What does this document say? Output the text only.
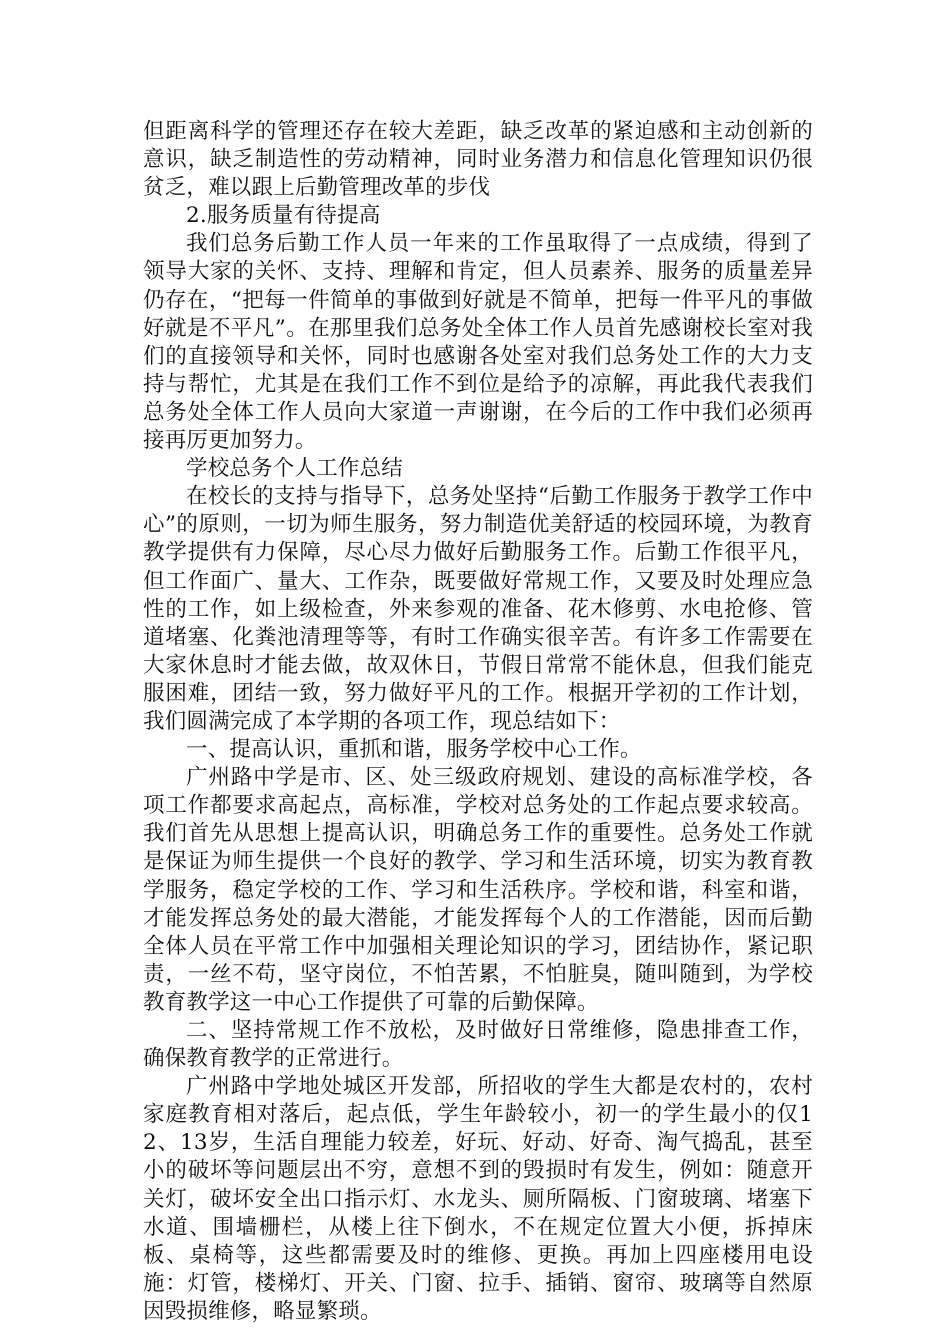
但距离科学的管理还存在较大差距，缺乏改革的紧迫感和主动创新的意识，缺乏制造性的劳动精神，同时业务潜力和信息化管理知识仍很贫乏，难以跟上后勤管理改革的步伐

2.服务质量有待提高

我们总务后勤工作人员一年来的工作虽取得了一点成绩，得到了领导大家的关怀、支持、理解和肯定，但人员素养、服务的质量差异仍存在，“把每一件简单的事做到好就是不简单，把每一件平凡的事做好就是不平凡”。在那里我们总务处全体工作人员首先感谢校长室对我们的直接领导和关怀，同时也感谢各处室对我们总务处工作的大力支持与帮忙，尤其是在我们工作不到位是给予的凉解，再此我代表我们总务处全体工作人员向大家道一声谢谢，在今后的工作中我们必须再接再厉更加努力。

学校总务个人工作总结

在校长的支持与指导下，总务处坚持“后勤工作服务于教学工作中心”的原则，一切为师生服务，努力制造优美舒适的校园环境，为教育教学提供有力保障，尽心尽力做好后勤服务工作。后勤工作很平凡，但工作面广、量大、工作杂，既要做好常规工作，又要及时处理应急性的工作，如上级检查，外来参观的准备、花木修剪、水电抢修、管道堵塞、化粪池清理等等，有时工作确实很辛苦。有许多工作需要在大家休息时才能去做，故双休日，节假日常常不能休息，但我们能克服困难，团结一致，努力做好平凡的工作。根据开学初的工作计划，我们圆满完成了本学期的各项工作，现总结如下：

一、提高认识，重抓和谐，服务学校中心工作。

广州路中学是市、区、处三级政府规划、建设的高标准学校，各项工作都要求高起点，高标准，学校对总务处的工作起点要求较高。我们首先从思想上提高认识，明确总务工作的重要性。总务处工作就是保证为师生提供一个良好的教学、学习和生活环境，切实为教育教学服务，稳定学校的工作、学习和生活秩序。学校和谐，科室和谐，才能发挥总务处的最大潜能，才能发挥每个人的工作潜能，因而后勤全体人员在平常工作中加强相关理论知识的学习，团结协作，紧记职责，一丝不苟，坚守岗位，不怕苦累，不怕脏臭，随叫随到，为学校教育教学这一中心工作提供了可靠的后勤保障。

二、坚持常规工作不放松，及时做好日常维修，隐患排查工作，确保教育教学的正常进行。

广州路中学地处城区开发部，所招收的学生大都是农村的，农村家庭教育相对落后，起点低，学生年龄较小，初一的学生最小的仅12、13岁，生活自理能力较差，好玩、好动、好奇、淘气捣乱，甚至小的破坏等问题层出不穷，意想不到的毁损时有发生，例如：随意开关灯，破坏安全出口指示灯、水龙头、厕所隔板、门窗玻璃、堵塞下水道、围墙栅栏，从楼上往下倒水，不在规定位置大小便，拆掉床板、桌椅等，这些都需要及时的维修、更换。再加上四座楼用电设施：灯管，楼梯灯、开关、门窗、拉手、插销、窗帘、玻璃等自然原因毁损维修，略显繁琐。
